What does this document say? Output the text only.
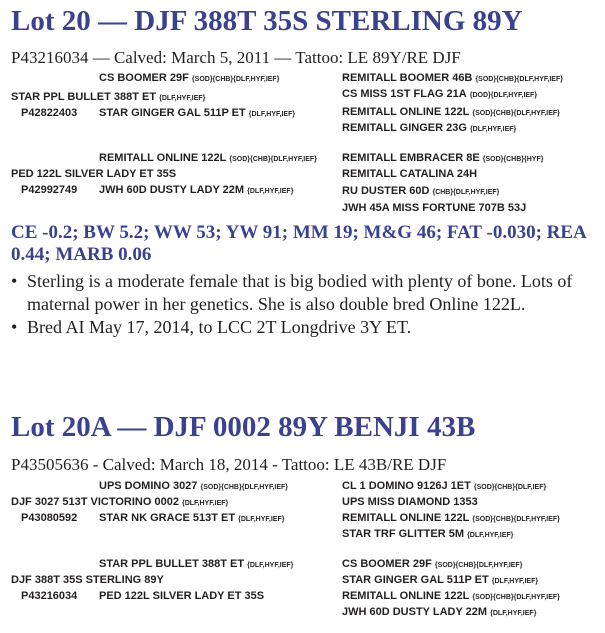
Lot 20 — DJF 388T 35S STERLING 89Y
P43216034 — Calved: March 5, 2011 — Tattoo: LE 89Y/RE DJF
CS BOOMER 29F {SOD}{CHB}{DLF,HYF,IEF}
STAR PPL BULLET 388T ET {DLF,HYF,IEF}
P42822403 STAR GINGER GAL 511P ET {DLF,HYF,IEF}
REMITALL BOOMER 46B {SOD}{CHB}{DLF,HYF,IEF}
CS MISS 1ST FLAG 21A {DOD}{DLF,HYF,IEF}
REMITALL ONLINE 122L {SOD}{CHB}{DLF,HYF,IEF}
REMITALL GINGER 23G {DLF,HYF,IEF}
REMITALL ONLINE 122L {SOD}{CHB}{DLF,HYF,IEF}
PED 122L SILVER LADY ET 35S
P42992749 JWH 60D DUSTY LADY 22M {DLF,HYF,IEF}
REMITALL EMBRACER 8E {SOD}{CHB}{HYF}
REMITALL CATALINA 24H
RU DUSTER 60D {CHB}{DLF,HYF,IEF}
JWH 45A MISS FORTUNE 707B 53J
CE -0.2; BW 5.2; WW 53; YW 91; MM 19; M&G 46; FAT -0.030; REA 0.44; MARB 0.06
• Sterling is a moderate female that is big bodied with plenty of bone. Lots of maternal power in her genetics. She is also double bred Online 122L.
• Bred AI May 17, 2014, to LCC 2T Longdrive 3Y ET.
Lot 20A — DJF 0002 89Y BENJI 43B
P43505636 - Calved: March 18, 2014 - Tattoo: LE 43B/RE DJF
UPS DOMINO 3027 {SOD}{CHB}{DLF,HYF,IEF}
DJF 3027 513T VICTORINO 0002 {DLF,HYF,IEF}
P43080592 STAR NK GRACE 513T ET {DLF,HYF,IEF}
CL 1 DOMINO 9126J 1ET {SOD}{CHB}{DLF,IEF}
UPS MISS DIAMOND 1353
REMITALL ONLINE 122L {SOD}{CHB}{DLF,HYF,IEF}
STAR TRF GLITTER 5M {DLF,HYF,IEF}
STAR PPL BULLET 388T ET {DLF,HYF,IEF}
DJF 388T 35S STERLING 89Y
P43216034 PED 122L SILVER LADY ET 35S
CS BOOMER 29F {SOD}{CHB}{DLF,HYF,IEF}
STAR GINGER GAL 511P ET {DLF,HYF,IEF}
REMITALL ONLINE 122L {SOD}{CHB}{DLF,HYF,IEF}
JWH 60D DUSTY LADY 22M {DLF,HYF,IEF}
